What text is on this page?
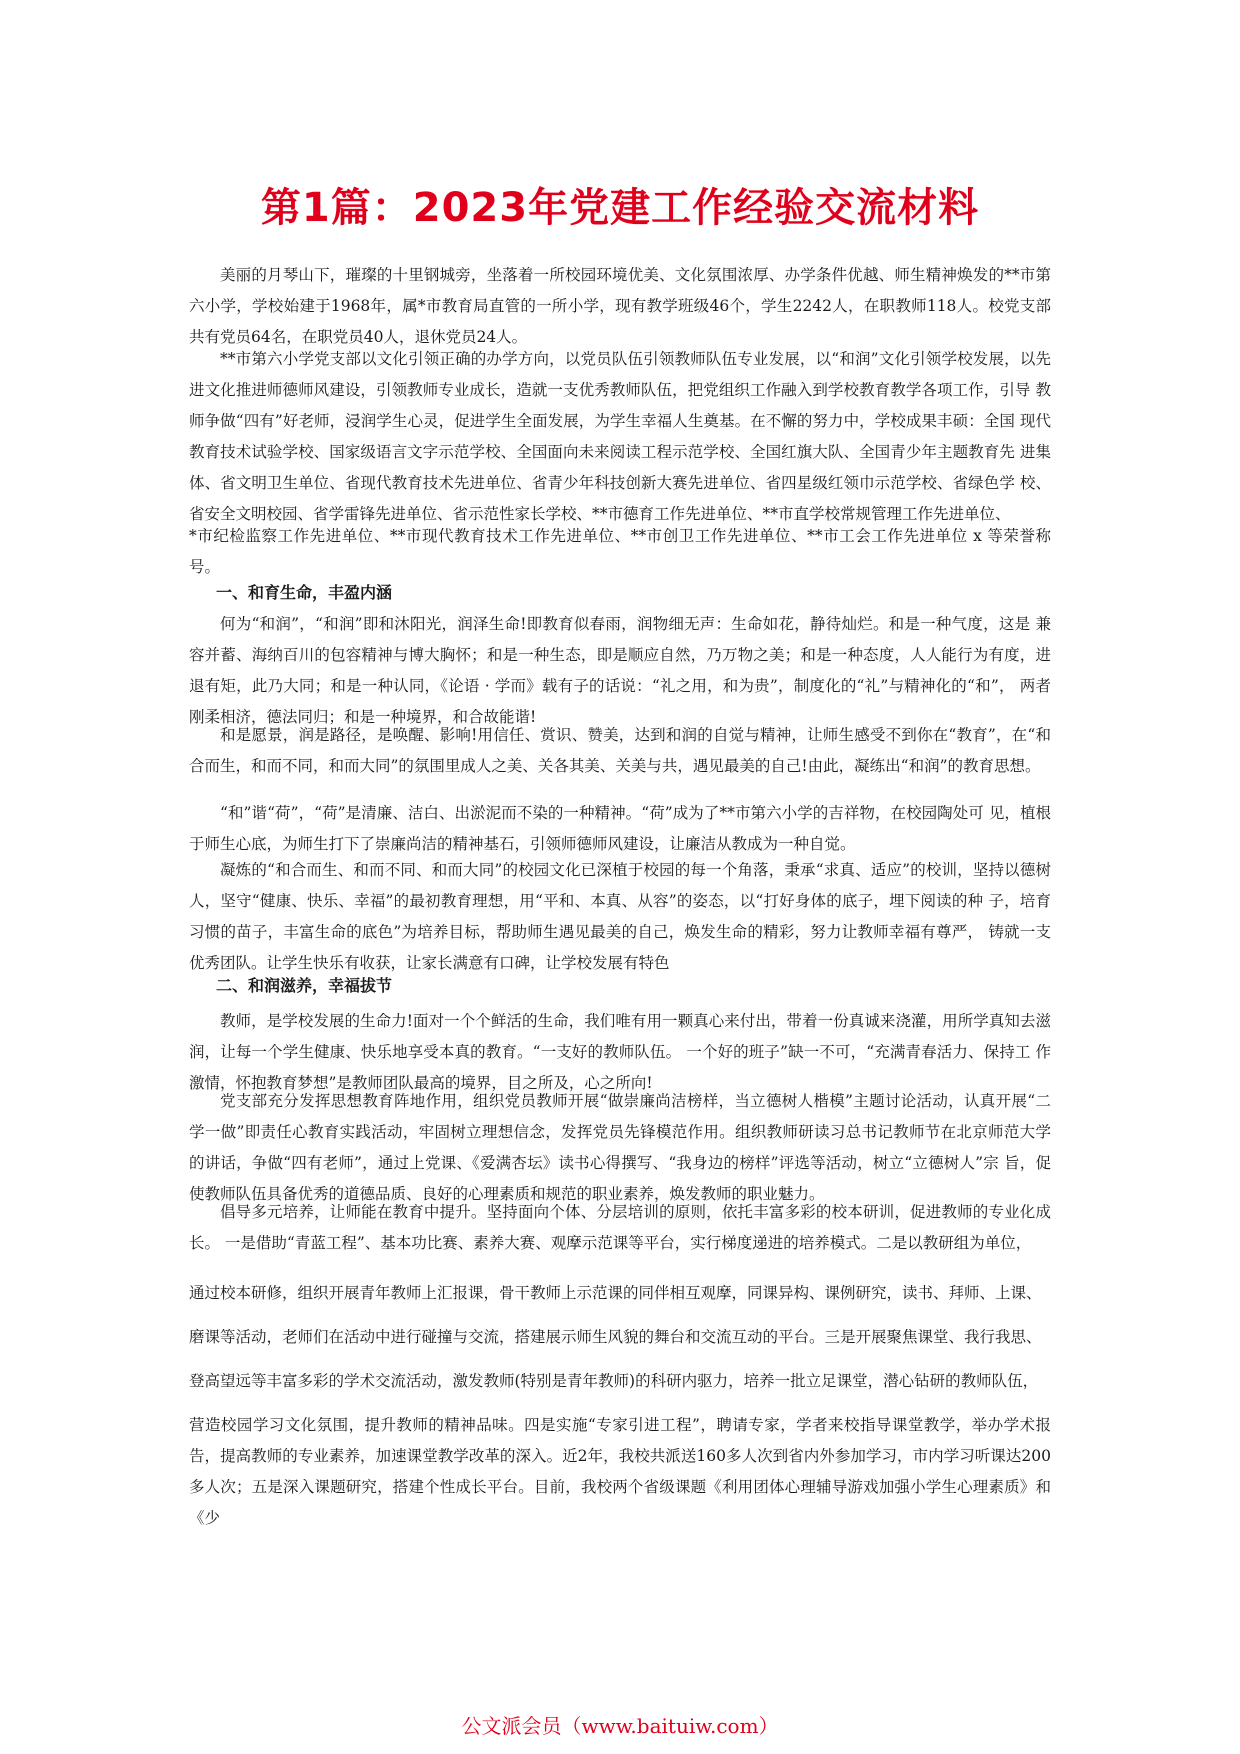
第1篇：2023年党建工作经验交流材料

美丽的月琴山下，璀璨的十里钢城旁，坐落着一所校园环境优美、文化氛围浓厚、办学条件优越、师生精神焕发的**市第六小学，学校始建于1968年，属*市教育局直管的一所小学，现有教学班级46个，学生2242人，在职教师118人。校党支部 共有党员64名，在职党员40人，退休党员24人。

**市第六小学党支部以文化引领正确的办学方向，以党员队伍引领教师队伍专业发展，以“和润”文化引领学校发展，以先进文化推进师德师风建设，引领教师专业成长，造就一支优秀教师队伍，把党组织工作融入到学校教育教学各项工作，引导 教师争做“四有”好老师，浸润学生心灵，促进学生全面发展，为学生幸福人生奠基。在不懈的努力中，学校成果丰硕：全国 现代教育技术试验学校、国家级语言文字示范学校、全国面向未来阅读工程示范学校、全国红旗大队、全国青少年主题教育先 进集体、省文明卫生单位、省现代教育技术先进单位、省青少年科技创新大赛先进单位、省四星级红领巾示范学校、省绿色学 校、省安全文明校园、省学雷锋先进单位、省示范性家长学校、**市德育工作先进单位、**市直学校常规管理工作先进单位、

*市纪检监察工作先进单位、**市现代教育技术工作先进单位、**市创卫工作先进单位、**市工会工作先进单位 x 等荣誉称号。

一、和育生命，丰盈内涵

何为“和润”，“和润”即和沐阳光，润泽生命!即教育似春雨，润物细无声：生命如花，静待灿烂。和是一种气度，这是 兼容并蓄、海纳百川的包容精神与博大胸怀；和是一种生态，即是顺应自然，乃万物之美；和是一种态度，人人能行为有度，进 退有矩，此乃大同；和是一种认同，《论语 · 学而》载有子的话说：“礼之用，和为贵”，制度化的“礼”与精神化的“和”， 两者刚柔相济，德法同归；和是一种境界，和合故能谐!

和是愿景，润是路径，是唤醒、影响!用信任、赏识、赞美，达到和润的自觉与精神，让师生感受不到你在“教育”，在“和合而生，和而不同，和而大同”的氛围里成人之美、关各其美、关美与共，遇见最美的自己!由此，凝练出“和润”的教育思想。

“和”谐“荷”，“荷”是清廉、洁白、出淤泥而不染的一种精神。“荷”成为了**市第六小学的吉祥物，在校园陶处可 见，植根于师生心底，为师生打下了崇廉尚洁的精神基石，引领师德师风建设，让廉洁从教成为一种自觉。

凝炼的“和合而生、和而不同、和而大同”的校园文化已深植于校园的每一个角落，秉承“求真、适应”的校训，坚持以德树人，坚守“健康、快乐、幸福”的最初教育理想，用“平和、本真、从容”的姿态，以“打好身体的底子，埋下阅读的种 子，培育习惯的苗子，丰富生命的底色”为培养目标，帮助师生遇见最美的自己，焕发生命的精彩，努力让教师幸福有尊严， 铸就一支优秀团队。让学生快乐有收获，让家长满意有口碑，让学校发展有特色

二、和润滋养，幸福拔节

教师，是学校发展的生命力!面对一个个鲜活的生命，我们唯有用一颗真心来付出，带着一份真诚来浇灌，用所学真知去滋 润，让每一个学生健康、快乐地享受本真的教育。“一支好的教师队伍。 一个好的班子”缺一不可，“充满青春活力、保持工 作激情，怀抱教育梦想”是教师团队最高的境界，目之所及，心之所向!

党支部充分发挥思想教育阵地作用，组织党员教师开展“做崇廉尚洁榜样，当立德树人楷模”主题讨论活动，认真开展“二 学一做”即责任心教育实践活动，牢固树立理想信念，发挥党员先锋模范作用。组织教师研读习总书记教师节在北京师范大学 的讲话，争做“四有老师”，通过上党课、《爱满杏坛》读书心得撰写、“我身边的榜样”评选等活动，树立“立德树人”宗 旨，促使教师队伍具备优秀的道德品质、良好的心理素质和规范的职业素养，焕发教师的职业魅力。

倡导多元培养，让师能在教育中提升。坚持面向个体、分层培训的原则，依托丰富多彩的校本研训，促进教师的专业化成 长。 一是借助“青蓝工程”、基本功比赛、素养大赛、观摩示范课等平台，实行梯度递进的培养模式。二是以教研组为单位，

通过校本研修，组织开展青年教师上汇报课，骨干教师上示范课的同伴相互观摩，同课异构、课例研究，读书、拜师、上课、

磨课等活动，老师们在活动中进行碰撞与交流，搭建展示师生风貌的舞台和交流互动的平台。三是开展聚焦课堂、我行我思、

登高望远等丰富多彩的学术交流活动，激发教师(特别是青年教师)的科研内驱力，培养一批立足课堂，潜心钻研的教师队伍，

营造校园学习文化氛围，提升教师的精神品味。四是实施“专家引进工程”，聘请专家，学者来校指导课堂教学，举办学术报告，提高教师的专业素养，加速课堂教学改革的深入。近2年，我校共派送160多人次到省内外参加学习，市内学习听课达200 多人次；五是深入课题研究，搭建个性成长平台。目前，我校两个省级课题《利用团体心理辅导游戏加强小学生心理素质》和《少

公文派会员（www.baituiw.com）
